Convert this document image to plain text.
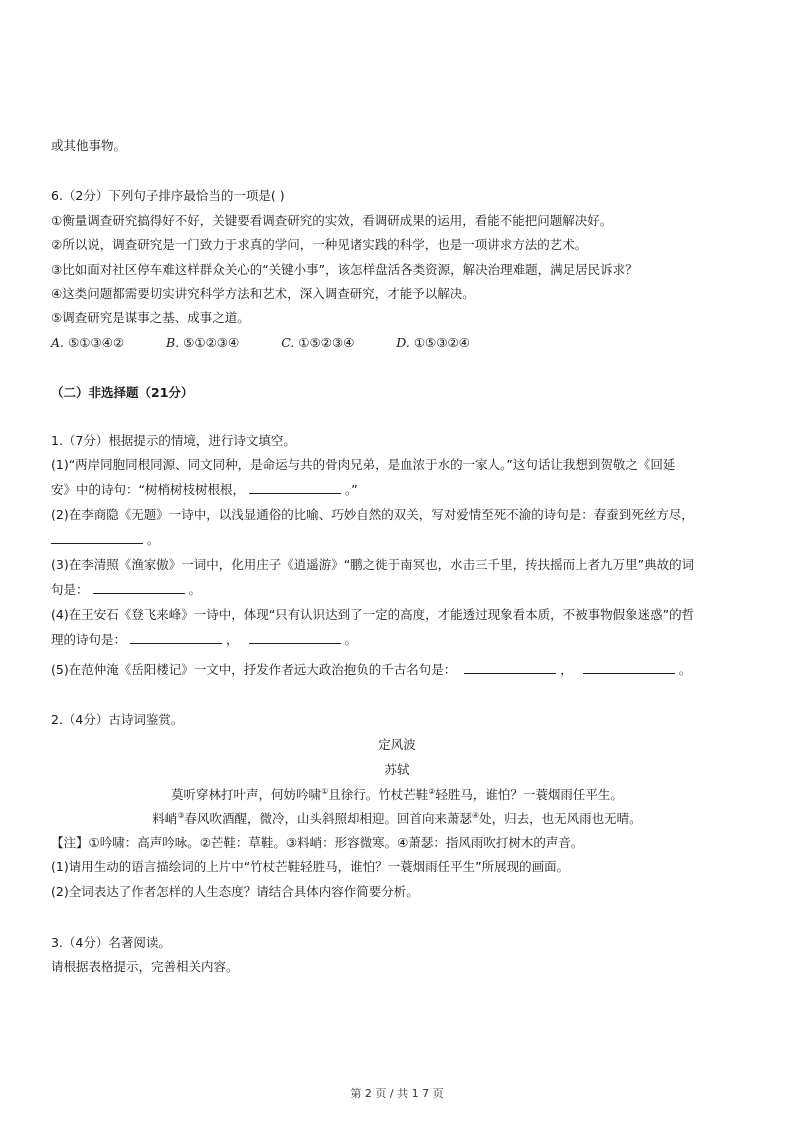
或其他事物。
6.（2分）下列句子排序最恰当的一项是( )
①衡量调查研究搞得好不好，关键要看调查研究的实效，看调研成果的运用，看能不能把问题解决好。
②所以说，调查研究是一门致力于求真的学问，一种见诸实践的科学，也是一项讲求方法的艺术。
③比如面对社区停车难这样群众关心的“关键小事”，该怎样盘活各类资源，解决治理难题，满足居民诉求？
④这类问题都需要切实讲究科学方法和艺术，深入调查研究，才能予以解决。
⑤调查研究是谋事之基、成事之道。
A. ⑤①③④②	B. ⑤①②③④	C. ①⑤②③④	D. ①⑤③②④
（二）非选择题（21分）
1.（7分）根据提示的情境，进行诗文填空。
(1)“两岸同胞同根同源、同文同种，是命运与共的骨肉兄弟，是血浓于水的一家人。”这句话让我想到贺敬之《回延
安》中的诗句：“树梢树枝树根根，	。”
(2)在李商隐《无题》一诗中，以浅显通俗的比喻、巧妙自然的双关，写对爱情至死不渝的诗句是：春蚕到死丝方尽，
。
(3)在李清照《渔家傲》一词中，化用庄子《逍遥游》“鹏之徙于南冥也，水击三千里，抟扶摇而上者九万里”典故的词
句是：	。
(4)在王安石《登飞来峰》一诗中，体现“只有认识达到了一定的高度，才能透过现象看本质，不被事物假象迷惑”的哲
理的诗句是：	，	。
(5)在范仲淹《岳阳楼记》一文中，抒发作者远大政治抱负的千古名句是：	，	。
2.（4分）古诗词鉴赏。
定风波
苏轼
莫听穿林打叶声，何妨吟啸①且徐行。竹杖芒鞋②轻胜马，谁怕？一蓑烟雨任平生。
料峭③春风吹酒醒，微冷，山头斜照却相迎。回首向来萧瑟④处，归去，也无风雨也无晴。
【注】①吟啸：高声吟咏。②芒鞋：草鞋。③料峭：形容微寒。④萧瑟：指风雨吹打树木的声音。
(1)请用生动的语言描绘词的上片中“竹杖芒鞋轻胜马，谁怕？一蓑烟雨任平生”所展现的画面。
(2)全词表达了作者怎样的人生态度？请结合具体内容作简要分析。
3.（4分）名著阅读。
请根据表格提示，完善相关内容。
第 2 页 / 共 1 7 页
